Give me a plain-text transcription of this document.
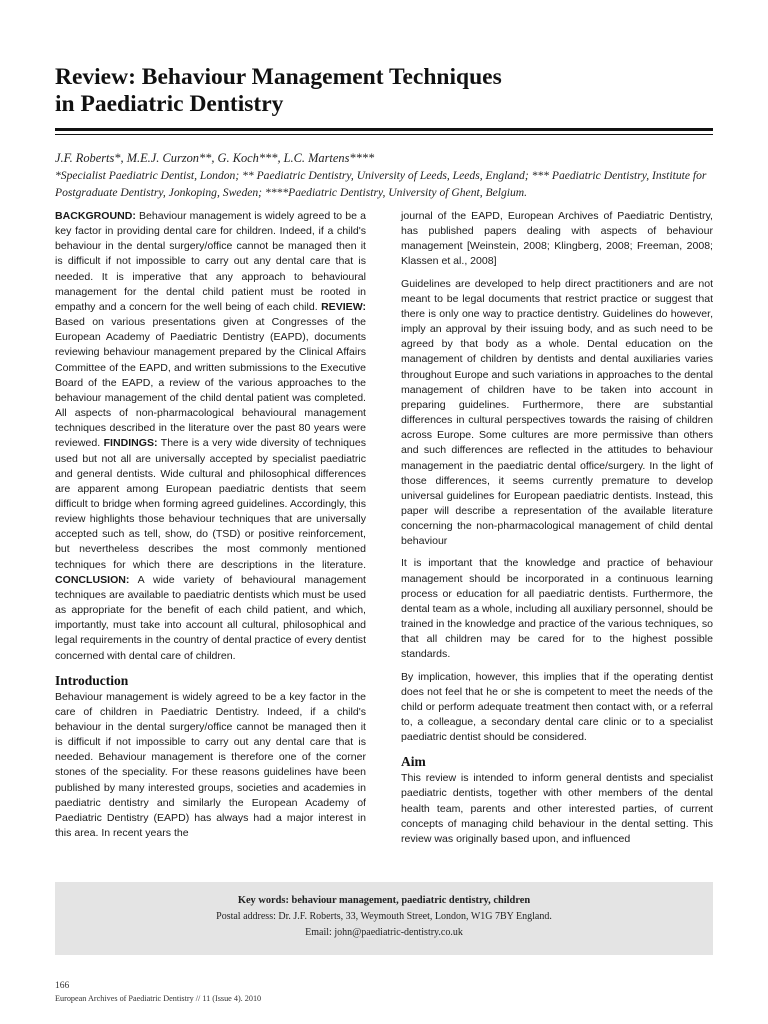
Review: Behaviour Management Techniques
in Paediatric Dentistry
J.F. Roberts*, M.E.J. Curzon**, G. Koch***, L.C. Martens****
*Specialist Paediatric Dentist, London; ** Paediatric Dentistry, University of Leeds, Leeds, England; *** Paediatric Dentistry, Institute for Postgraduate Dentistry, Jonkoping, Sweden; ****Paediatric Dentistry, University of Ghent, Belgium.

BACKGROUND: Behaviour management is widely agreed to be a key factor in providing dental care for children. Indeed, if a child's behaviour in the dental surgery/office cannot be managed then it is difficult if not impossible to carry out any dental care that is needed. It is imperative that any approach to behavioural management for the dental child patient must be rooted in empathy and a concern for the well being of each child. REVIEW: Based on various presentations given at Congresses of the European Academy of Paediatric Dentistry (EAPD), documents reviewing behaviour management prepared by the Clinical Affairs Committee of the EAPD, and written submissions to the Executive Board of the EAPD, a review of the various approaches to the behaviour management of the child dental patient was completed. All aspects of non-pharmacological behavioural management techniques described in the literature over the past 80 years were reviewed. FINDINGS: There is a very wide diversity of techniques used but not all are universally accepted by specialist paediatric and general dentists. Wide cultural and philosophical differences are apparent among European paediatric dentists that seem difficult to bridge when forming agreed guidelines. Accordingly, this review highlights those behaviour techniques that are universally accepted such as tell, show, do (TSD) or positive reinforcement, but nevertheless describes the most commonly mentioned techniques for which there are descriptions in the literature. CONCLUSION: A wide variety of behavioural management techniques are available to paediatric dentists which must be used as appropriate for the benefit of each child patient, and which, importantly, must take into account all cultural, philosophical and legal requirements in the country of dental practice of every dentist concerned with dental care of children.

Introduction

Behaviour management is widely agreed to be a key factor in the care of children in Paediatric Dentistry. Indeed, if a child's behaviour in the dental surgery/office cannot be managed then it is difficult if not impossible to carry out any dental care that is needed. Behaviour management is therefore one of the corner stones of the speciality. For these reasons guidelines have been published by many interested groups, societies and academies in paediatric dentistry and similarly the European Academy of Paediatric Dentistry (EAPD) has always had a major interest in this area. In recent years the

journal of the EAPD, European Archives of Paediatric Dentistry, has published papers dealing with aspects of behaviour management [Weinstein, 2008; Klingberg, 2008; Freeman, 2008; Klassen et al., 2008]

Guidelines are developed to help direct practitioners and are not meant to be legal documents that restrict practice or suggest that there is only one way to practice dentistry. Guidelines do however, imply an approval by their issuing body, and as such need to be agreed by that body as a whole. Dental education on the management of children by dentists and dental auxiliaries varies throughout Europe and such variations in approaches to the dental management of children have to be taken into account in preparing guidelines. Furthermore, there are substantial differences in cultural perspectives towards the raising of children across Europe. Some cultures are more permissive than others and such differences are reflected in the attitudes to behaviour management in the paediatric dental office/surgery. In the light of those differences, it seems currently premature to develop universal guidelines for European paediatric dentists. Instead, this paper will describe a representation of the available literature concerning the non-pharmacological management of child dental behaviour

It is important that the knowledge and practice of behaviour management should be incorporated in a continuous learning process or education for all paediatric dentists. Furthermore, the dental team as a whole, including all auxiliary personnel, should be trained in the knowledge and practice of the various techniques, so that all children may be cared for to the highest possible standards.

By implication, however, this implies that if the operating dentist does not feel that he or she is competent to meet the needs of the child or perform adequate treatment then contact with, or a referral to, a colleague, a secondary dental care clinic or to a specialist paediatric dentist should be considered.

Aim

This review is intended to inform general dentists and specialist paediatric dentists, together with other members of the dental health team, parents and other interested parties, of current concepts of managing child behaviour in the dental setting. This review was originally based upon, and influenced

Key words: behaviour management, paediatric dentistry, children
Postal address: Dr. J.F. Roberts, 33, Weymouth Street, London, W1G 7BY England.
Email: john@paediatric-dentistry.co.uk
166
European Archives of Paediatric Dentistry // 11 (Issue 4). 2010
